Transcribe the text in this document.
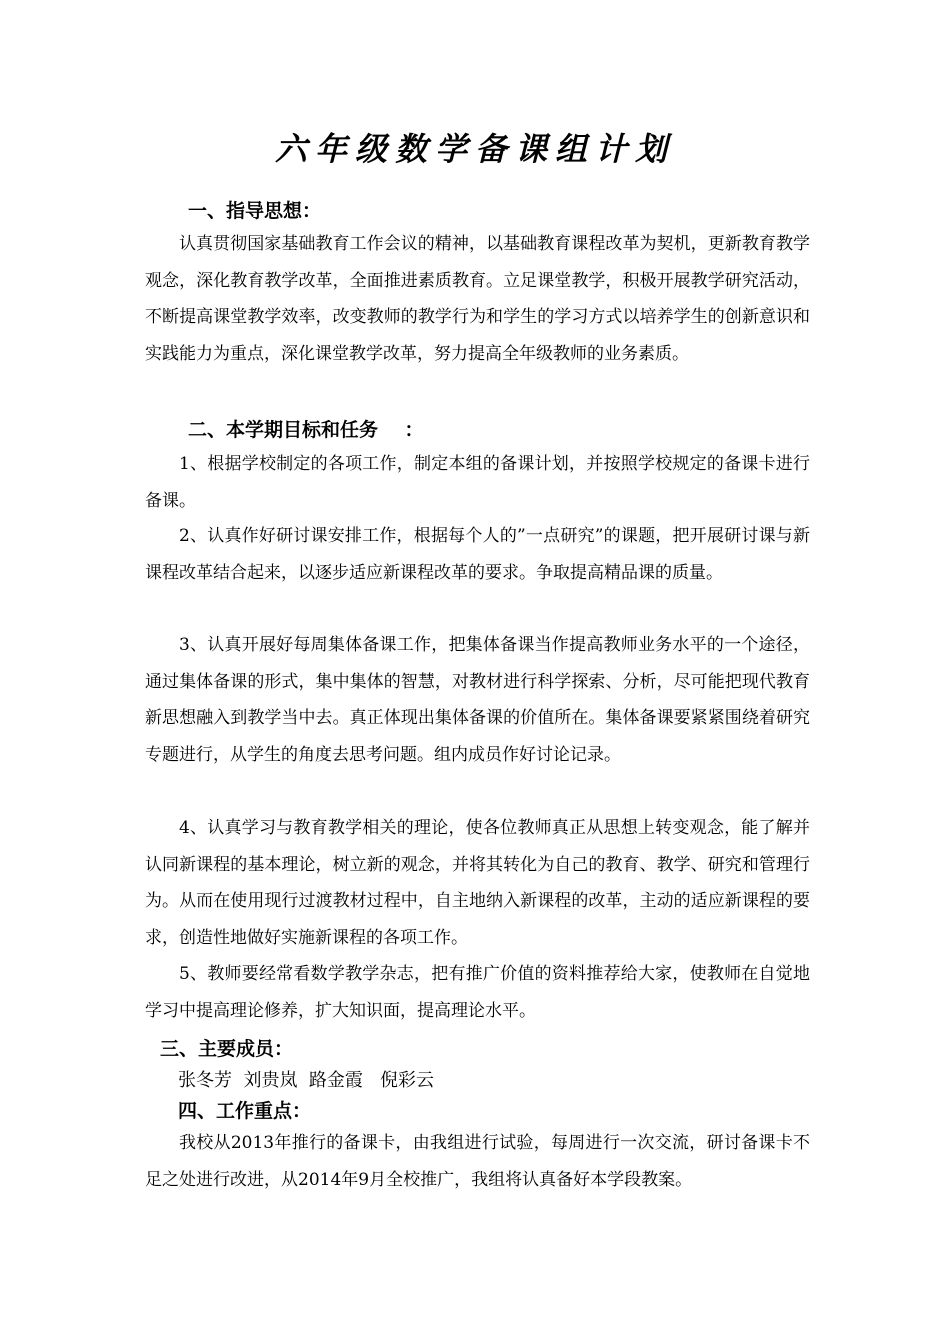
六年级数学备课组计划
一、指导思想：
认真贯彻国家基础教育工作会议的精神，以基础教育课程改革为契机，更新教育教学观念，深化教育教学改革，全面推进素质教育。立足课堂教学，积极开展教学研究活动，不断提高课堂教学效率，改变教师的教学行为和学生的学习方式以培养学生的创新意识和实践能力为重点，深化课堂教学改革，努力提高全年级教师的业务素质。
二、本学期目标和任务    ：
1、根据学校制定的各项工作，制定本组的备课计划，并按照学校规定的备课卡进行备课。
2、认真作好研讨课安排工作，根据每个人的”一点研究”的课题，把开展研讨课与新课程改革结合起来，以逐步适应新课程改革的要求。争取提高精品课的质量。
3、认真开展好每周集体备课工作，把集体备课当作提高教师业务水平的一个途径，通过集体备课的形式，集中集体的智慧，对教材进行科学探索、分析，尽可能把现代教育新思想融入到教学当中去。真正体现出集体备课的价值所在。集体备课要紧紧围绕着研究专题进行，从学生的角度去思考问题。组内成员作好讨论记录。
4、认真学习与教育教学相关的理论，使各位教师真正从思想上转变观念，能了解并认同新课程的基本理论，树立新的观念，并将其转化为自己的教育、教学、研究和管理行为。从而在使用现行过渡教材过程中，自主地纳入新课程的改革，主动的适应新课程的要求，创造性地做好实施新课程的各项工作。
5、教师要经常看数学教学杂志，把有推广价值的资料推荐给大家，使教师在自觉地学习中提高理论修养，扩大知识面，提高理论水平。
三、主要成员：
张冬芳  刘贵岚  路金霞   倪彩云
四、工作重点：
我校从2013年推行的备课卡，由我组进行试验，每周进行一次交流，研讨备课卡不足之处进行改进，从2014年9月全校推广，我组将认真备好本学段教案。
